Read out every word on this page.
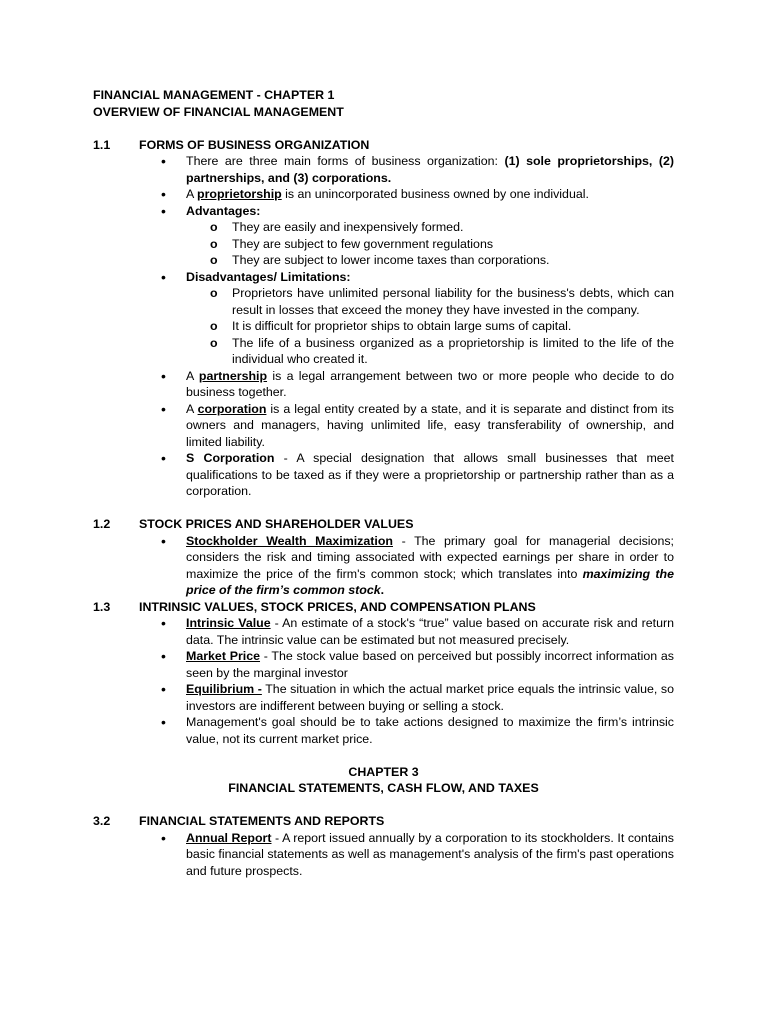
FINANCIAL MANAGEMENT - CHAPTER 1

OVERVIEW OF FINANCIAL MANAGEMENT

1.1	FORMS OF BUSINESS ORGANIZATION
• There are three main forms of business organization: (1) sole proprietorships, (2) partnerships, and (3) corporations.
• A proprietorship is an unincorporated business owned by one individual.
• Advantages:
o They are easily and inexpensively formed.
o They are subject to few government regulations
o They are subject to lower income taxes than corporations.
• Disadvantages/ Limitations:
o Proprietors have unlimited personal liability for the business's debts, which can result in losses that exceed the money they have invested in the company.
o It is difficult for proprietor ships to obtain large sums of capital.
o The life of a business organized as a proprietorship is limited to the life of the individual who created it.
• A partnership is a legal arrangement between two or more people who decide to do business together.
• A corporation is a legal entity created by a state, and it is separate and distinct from its owners and managers, having unlimited life, easy transferability of ownership, and limited liability.
• S Corporation - A special designation that allows small businesses that meet qualifications to be taxed as if they were a proprietorship or partnership rather than as a corporation.
1.2	STOCK PRICES AND SHAREHOLDER VALUES
• Stockholder Wealth Maximization - The primary goal for managerial decisions; considers the risk and timing associated with expected earnings per share in order to maximize the price of the firm's common stock; which translates into maximizing the price of the firm’s common stock.
1.3	INTRINSIC VALUES, STOCK PRICES, AND COMPENSATION PLANS
• Intrinsic Value - An estimate of a stock's “true” value based on accurate risk and return data. The intrinsic value can be estimated but not measured precisely.
• Market Price - The stock value based on perceived but possibly incorrect information as seen by the marginal investor
• Equilibrium - The situation in which the actual market price equals the intrinsic value, so investors are indifferent between buying or selling a stock.
• Management's goal should be to take actions designed to maximize the firm’s intrinsic value, not its current market price.

CHAPTER 3

FINANCIAL STATEMENTS, CASH FLOW, AND TAXES

3.2	FINANCIAL STATEMENTS AND REPORTS
• Annual Report - A report issued annually by a corporation to its stockholders. It contains basic financial statements as well as management's analysis of the firm's past operations and future prospects.
